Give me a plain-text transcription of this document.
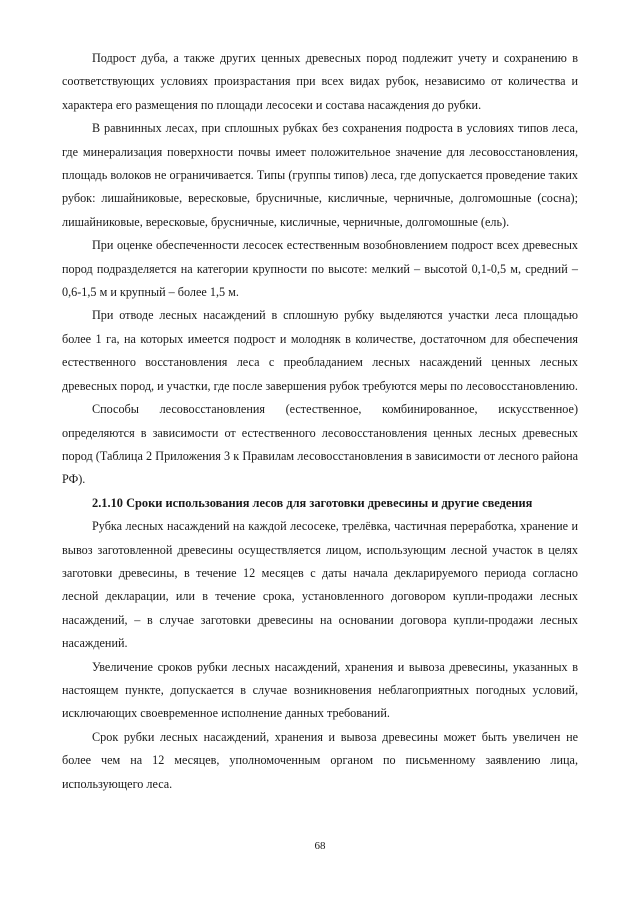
Подрост дуба, а также других ценных древесных пород подлежит учету и сохранению в соответствующих условиях произрастания при всех видах рубок, независимо от количества и характера его размещения по площади лесосеки и состава насаждения до рубки.

В равнинных лесах, при сплошных рубках без сохранения подроста в условиях типов леса, где минерализация поверхности почвы имеет положительное значение для лесовосстановления, площадь волоков не ограничивается. Типы (группы типов) леса, где допускается проведение таких рубок: лишайниковые, вересковые, брусничные, кисличные, черничные, долгомошные (сосна); лишайниковые, вересковые, брусничные, кисличные, черничные, долгомошные (ель).

При оценке обеспеченности лесосек естественным возобновлением подрост всех древесных пород подразделяется на категории крупности по высоте: мелкий – высотой 0,1-0,5 м, средний – 0,6-1,5 м и крупный – более 1,5 м.

При отводе лесных насаждений в сплошную рубку выделяются участки леса площадью более 1 га, на которых имеется подрост и молодняк в количестве, достаточном для обеспечения естественного восстановления леса с преобладанием лесных насаждений ценных лесных древесных пород, и участки, где после завершения рубок требуются меры по лесовосстановлению.

Способы лесовосстановления (естественное, комбинированное, искусственное) определяются в зависимости от естественного лесовосстановления ценных лесных древесных пород (Таблица 2 Приложения 3 к Правилам лесовосстановления в зависимости от лесного района РФ).

2.1.10 Сроки использования лесов для заготовки древесины и другие сведения

Рубка лесных насаждений на каждой лесосеке, трелёвка, частичная переработка, хранение и вывоз заготовленной древесины осуществляется лицом, использующим лесной участок в целях заготовки древесины, в течение 12 месяцев с даты начала декларируемого периода согласно лесной декларации, или в течение срока, установленного договором купли-продажи лесных насаждений, – в случае заготовки древесины на основании договора купли-продажи лесных насаждений.

Увеличение сроков рубки лесных насаждений, хранения и вывоза древесины, указанных в настоящем пункте, допускается в случае возникновения неблагоприятных погодных условий, исключающих своевременное исполнение данных требований.

Срок рубки лесных насаждений, хранения и вывоза древесины может быть увеличен не более чем на 12 месяцев, уполномоченным органом по письменному заявлению лица, использующего леса.

68
